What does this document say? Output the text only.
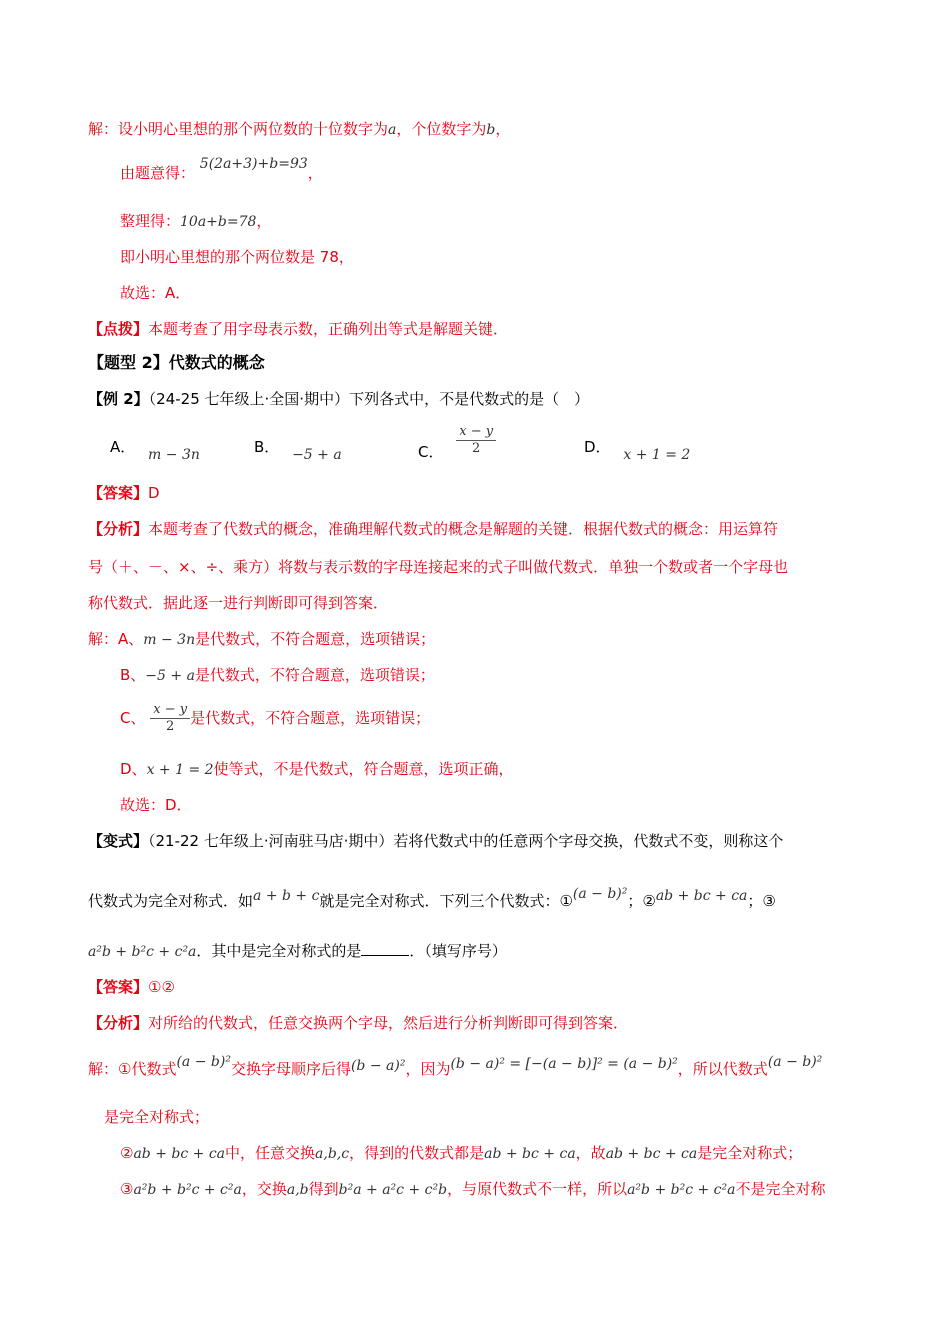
解：设小明心里想的那个两位数的十位数字为a，个位数字为b，
由题意得： 5(2a+3)+b=93，
整理得：10a+b=78，
即小明心里想的那个两位数是 78，
故选：A．
【点拨】本题考查了用字母表示数，正确列出等式是解题关键．
【题型 2】代数式的概念
【例 2】（24-25 七年级上·全国·期中）下列各式中，不是代数式的是（　）
A． m − 3n	B． −5 + a	C． $\frac{x - y}{2}$	D． x + 1 = 2
【答案】D
【分析】本题考查了代数式的概念，准确理解代数式的概念是解题的关键．根据代数式的概念：用运算符
号（＋、－、×、÷、乘方）将数与表示数的字母连接起来的式子叫做代数式．单独一个数或者一个字母也
称代数式．据此逐一进行判断即可得到答案．
解：A、m − 3n是代数式，不符合题意，选项错误；
B、−5 + a是代数式，不符合题意，选项错误；
C、 $\frac{x - y}{2}$ 是代数式，不符合题意，选项错误；
D、x + 1 = 2使等式，不是代数式，符合题意，选项正确，
故选：D．
【变式】（21-22 七年级上·河南驻马店·期中）若将代数式中的任意两个字母交换，代数式不变，则称这个
代数式为完全对称式．如a + b + c就是完全对称式．下列三个代数式：①(a − b)²；②ab + bc + ca；③
a²b + b²c + c²a．其中是完全对称式的是	．（填写序号）
【答案】①②
【分析】对所给的代数式，任意交换两个字母，然后进行分析判断即可得到答案．
解：①代数式(a − b)²交换字母顺序后得(b − a)²，因为(b − a)² = [−(a − b)]² = (a − b)²，所以代数式(a − b)²
是完全对称式；
②ab + bc + ca中，任意交换a,b,c，得到的代数式都是ab + bc + ca，故ab + bc + ca是完全对称式；
③a²b + b²c + c²a，交换a,b得到b²a + a²c + c²b，与原代数式不一样，所以a²b + b²c + c²a不是完全对称
